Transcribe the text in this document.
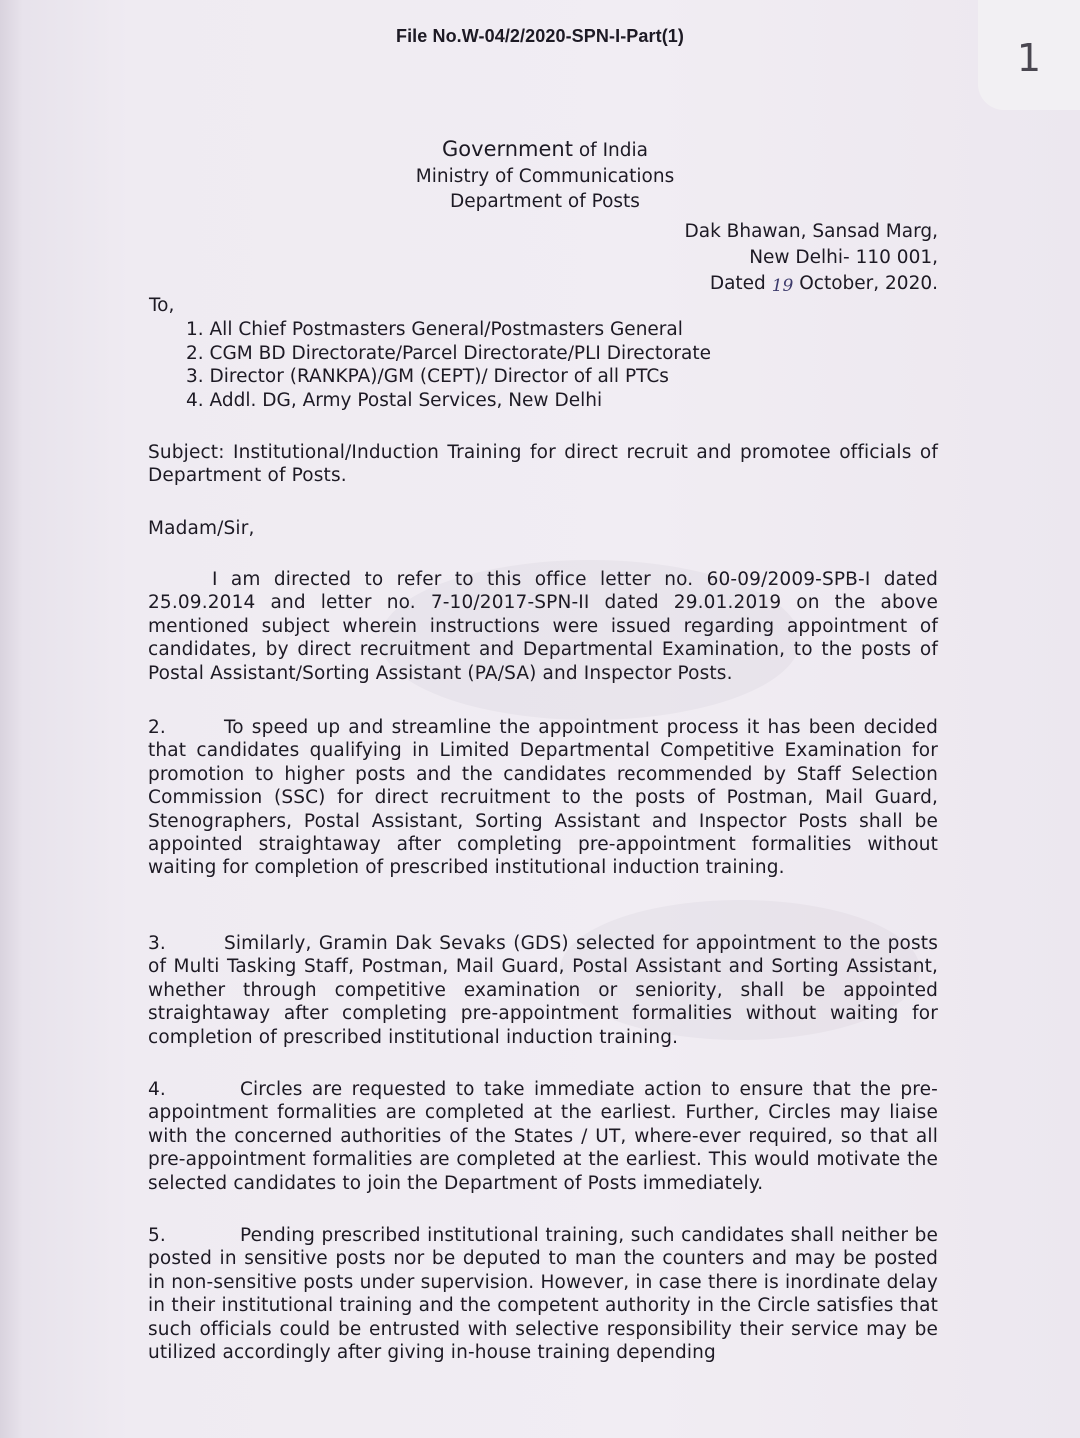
1
File No.W-04/2/2020-SPN-I-Part(1)
Government of India
Ministry of Communications
Department of Posts
Dak Bhawan, Sansad Marg,
New Delhi- 110 001,
Dated 19 October, 2020.
To,
1. All Chief Postmasters General/Postmasters General
2. CGM BD Directorate/Parcel Directorate/PLI Directorate
3. Director (RANKPA)/GM (CEPT)/ Director of all PTCs
4. Addl. DG, Army Postal Services, New Delhi
Subject: Institutional/Induction Training for direct recruit and promotee officials of Department of Posts.
Madam/Sir,
I am directed to refer to this office letter no. 60-09/2009-SPB-I dated 25.09.2014 and letter no. 7-10/2017-SPN-II dated 29.01.2019 on the above mentioned subject wherein instructions were issued regarding appointment of candidates, by direct recruitment and Departmental Examination, to the posts of Postal Assistant/Sorting Assistant (PA/SA) and Inspector Posts.
2.	To speed up and streamline the appointment process it has been decided that candidates qualifying in Limited Departmental Competitive Examination for promotion to higher posts and the candidates recommended by Staff Selection Commission (SSC) for direct recruitment to the posts of Postman, Mail Guard, Stenographers, Postal Assistant, Sorting Assistant and Inspector Posts shall be appointed straightaway after completing pre-appointment formalities without waiting for completion of prescribed institutional induction training.
3.	Similarly, Gramin Dak Sevaks (GDS) selected for appointment to the posts of Multi Tasking Staff, Postman, Mail Guard, Postal Assistant and Sorting Assistant, whether through competitive examination or seniority, shall be appointed straightaway after completing pre-appointment formalities without waiting for completion of prescribed institutional induction training.
4.	Circles are requested to take immediate action to ensure that the pre-appointment formalities are completed at the earliest. Further, Circles may liaise with the concerned authorities of the States / UT, where-ever required, so that all pre-appointment formalities are completed at the earliest. This would motivate the selected candidates to join the Department of Posts immediately.
5.	Pending prescribed institutional training, such candidates shall neither be posted in sensitive posts nor be deputed to man the counters and may be posted in non-sensitive posts under supervision. However, in case there is inordinate delay in their institutional training and the competent authority in the Circle satisfies that such officials could be entrusted with selective responsibility their service may be utilized accordingly after giving in-house training depending
